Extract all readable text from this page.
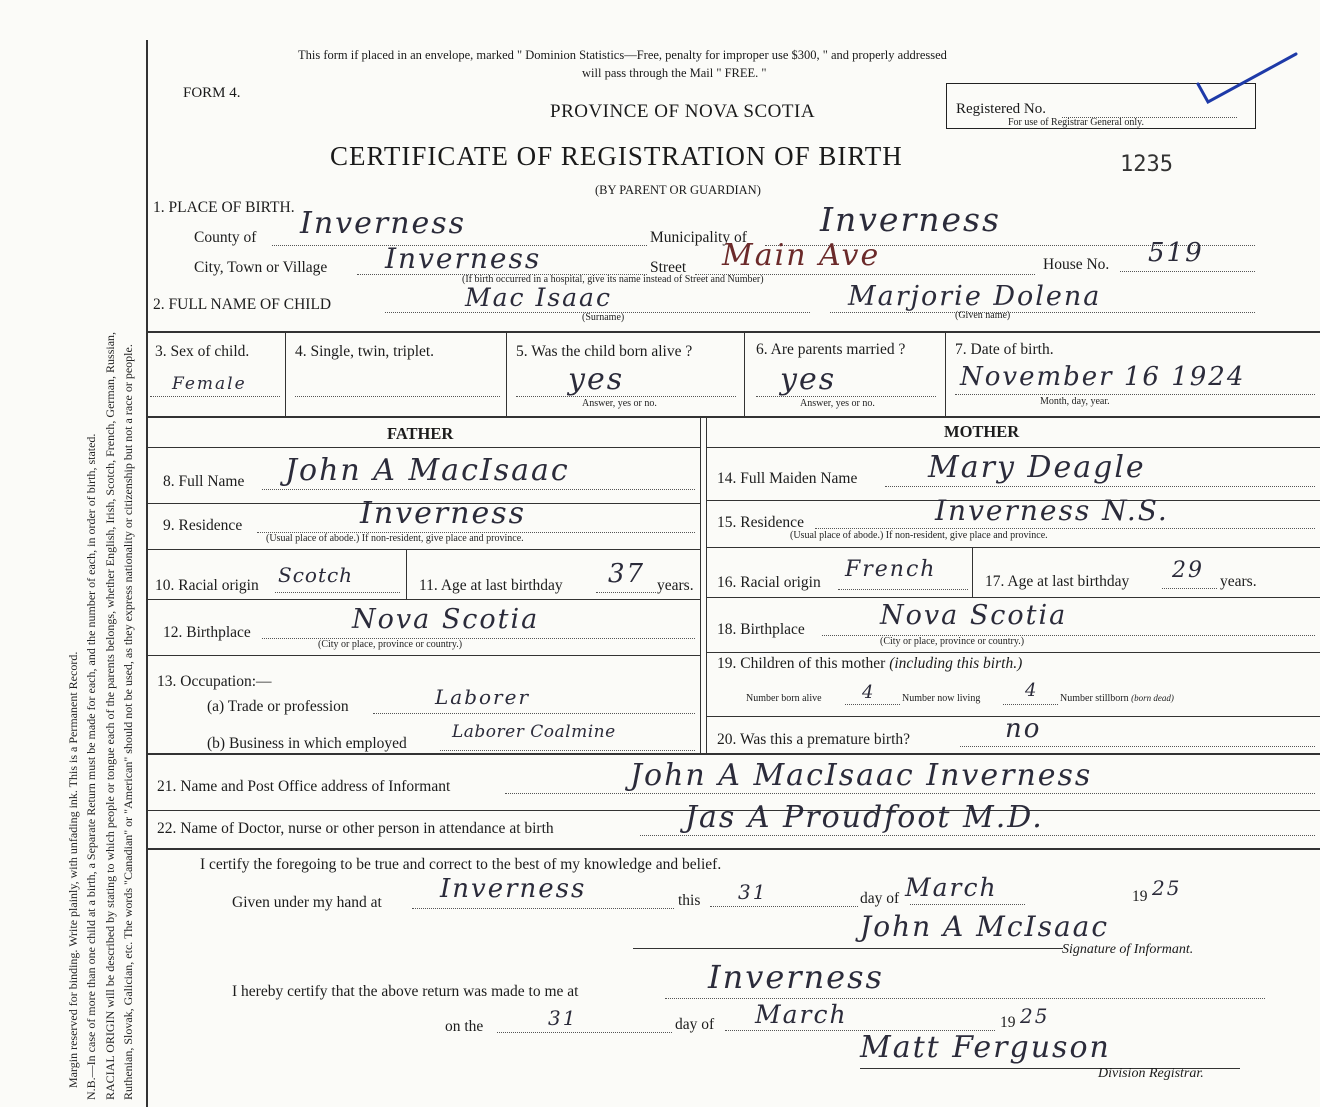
Margin reserved for binding. Write plainly, with unfading ink. This is a Permanent Record. N.B.—In case of more than one child at a birth, a Separate Return must be made for each, and the number of each, in order of birth, stated. RACIAL ORIGIN will be described by stating to which people or tongue each of the parents belongs, whether English, Irish, Scotch, French, German, Russian, Ruthenian, Slovak, Galician, etc. The words "Canadian" or "American" should not be used, as they express nationality or citizenship but not a race or people.
This form if placed in an envelope, marked " Dominion Statistics—Free, penalty for improper use $300, " and properly addressed
will pass through the Mail " FREE. "
FORM 4.
PROVINCE OF NOVA SCOTIA
CERTIFICATE OF REGISTRATION OF BIRTH
(BY PARENT OR GUARDIAN)
1235
Registered No.
For use of Registrar General only.
1. PLACE OF BIRTH.
County of Inverness	Municipality of Inverness
City, Town or Village Inverness	Street Main Ave	House No. 519
(If birth occurred in a hospital, give its name instead of Street and Number)
2. FULL NAME OF CHILD	Mac Isaac	Marjorie Dolena
(Surname)	(Given name)
3. Sex of child.
Female
4. Single, twin, triplet.	5. Was the child born alive ?
yes
Answer, yes or no.
6. Are parents married ?
yes
Answer, yes or no.
7. Date of birth.
November 16 1924
Month, day, year.
FATHER	MOTHER
8. Full Name John A MacIsaac
9. Residence	Inverness
(Usual place of abode.) If non-resident, give place and province.
10. Racial origin Scotch	11. Age at last birthday 37 years.
12. Birthplace	Nova Scotia
(City or place, province or country.)
13. Occupation:—
(a) Trade or profession	Laborer
(b) Business in which employed
Laborer Coalmine
14. Full Maiden Name Mary Deagle
15. Residence	Inverness N.S.
(Usual place of abode.) If non-resident, give place and province.
16. Racial origin
French	17. Age at last birthday 29 years.
18. Birthplace	Nova Scotia
(City or place, province or country.)
19. Children of this mother (including this birth.)
Number born alive 4	Number now living 4 Number stillborn (born dead)
20. Was this a premature birth?	no
21. Name and Post Office address of Informant	John A MacIsaac Inverness
22. Name of Doctor, nurse or other person in attendance at birth	Jas A Proudfoot M.D.
I certify the foregoing to be true and correct to the best of my knowledge and belief.
Given under my hand at Inverness	this 31	day of March	19 25
John A McIsaac
Signature of Informant.
I hereby certify that the above return was made to me at	Inverness
on the	31	day of March	19 25
Matt Ferguson
Division Registrar.
